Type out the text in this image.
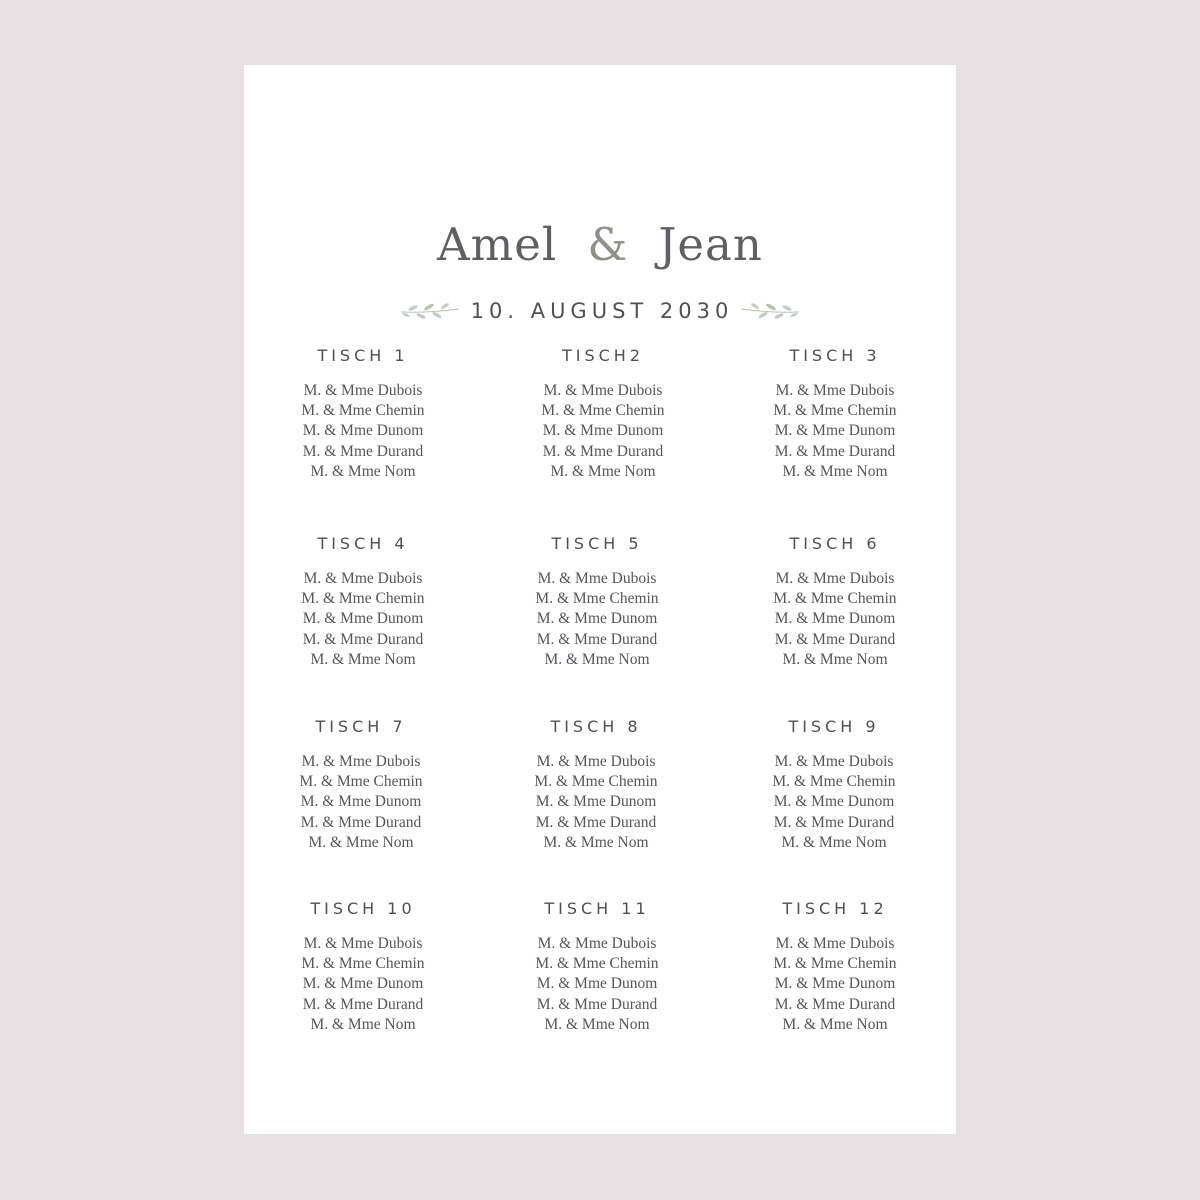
Amel & Jean
10. AUGUST 2030
TISCH 1
M. & Mme Dubois
M. & Mme Chemin
M. & Mme Dunom
M. & Mme Durand
M. & Mme Nom
TISCH2
M. & Mme Dubois
M. & Mme Chemin
M. & Mme Dunom
M. & Mme Durand
M. & Mme Nom
TISCH 3
M. & Mme Dubois
M. & Mme Chemin
M. & Mme Dunom
M. & Mme Durand
M. & Mme Nom
TISCH 4
M. & Mme Dubois
M. & Mme Chemin
M. & Mme Dunom
M. & Mme Durand
M. & Mme Nom
TISCH 5
M. & Mme Dubois
M. & Mme Chemin
M. & Mme Dunom
M. & Mme Durand
M. & Mme Nom
TISCH 6
M. & Mme Dubois
M. & Mme Chemin
M. & Mme Dunom
M. & Mme Durand
M. & Mme Nom
TISCH 7
M. & Mme Dubois
M. & Mme Chemin
M. & Mme Dunom
M. & Mme Durand
M. & Mme Nom
TISCH 8
M. & Mme Dubois
M. & Mme Chemin
M. & Mme Dunom
M. & Mme Durand
M. & Mme Nom
TISCH 9
M. & Mme Dubois
M. & Mme Chemin
M. & Mme Dunom
M. & Mme Durand
M. & Mme Nom
TISCH 10
M. & Mme Dubois
M. & Mme Chemin
M. & Mme Dunom
M. & Mme Durand
M. & Mme Nom
TISCH 11
M. & Mme Dubois
M. & Mme Chemin
M. & Mme Dunom
M. & Mme Durand
M. & Mme Nom
TISCH 12
M. & Mme Dubois
M. & Mme Chemin
M. & Mme Dunom
M. & Mme Durand
M. & Mme Nom
